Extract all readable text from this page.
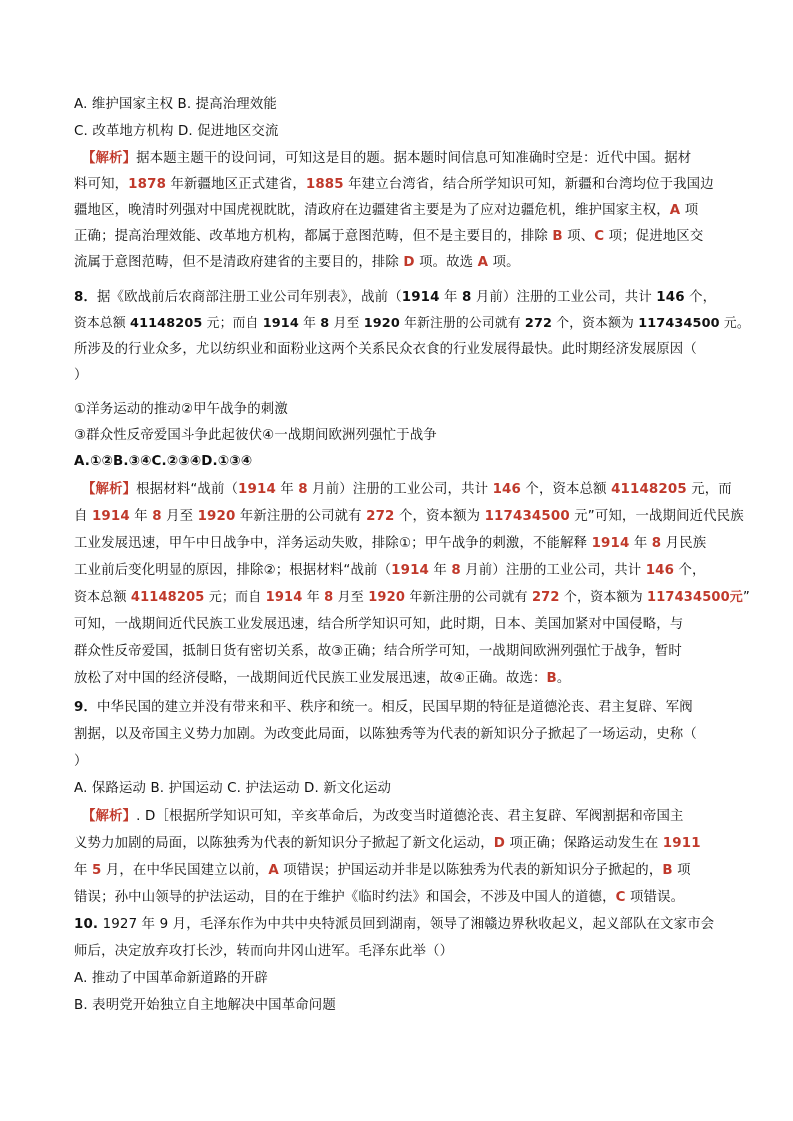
A. 维护国家主权 B. 提高治理效能
C. 改革地方机构 D. 促进地区交流
【解析】据本题主题干的设问词，可知这是目的题。据本题时间信息可知准确时空是：近代中国。据材
料可知，1878 年新疆地区正式建省，1885 年建立台湾省，结合所学知识可知，新疆和台湾均位于我国边
疆地区，晚清时列强对中国虎视眈眈，清政府在边疆建省主要是为了应对边疆危机，维护国家主权，A 项
正确；提高治理效能、改革地方机构，都属于意图范畴，但不是主要目的，排除 B 项、C 项；促进地区交
流属于意图范畴，但不是清政府建省的主要目的，排除 D 项。故选 A 项。
8．据《欧战前后农商部注册工业公司年别表》，战前（1914 年 8 月前）注册的工业公司，共计 146 个，
资本总额 41148205 元；而自 1914 年 8 月至 1920 年新注册的公司就有 272 个，资本额为 117434500 元。
所涉及的行业众多，尤以纺织业和面粉业这两个关系民众衣食的行业发展得最快。此时期经济发展原因（
）
①洋务运动的推动②甲午战争的刺激
③群众性反帝爱国斗争此起彼伏④一战期间欧洲列强忙于战争
A.①②B.③④C.②③④D.①③④
【解析】根据材料“战前（1914 年 8 月前）注册的工业公司，共计 146 个，资本总额 41148205 元，而
自 1914 年 8 月至 1920 年新注册的公司就有 272 个，资本额为 117434500 元”可知，一战期间近代民族
工业发展迅速，甲午中日战争中，洋务运动失败，排除①；甲午战争的刺激，不能解释 1914 年 8 月民族
工业前后变化明显的原因，排除②；根据材料“战前（1914 年 8 月前）注册的工业公司，共计 146 个，
资本总额 41148205 元；而自 1914 年 8 月至 1920 年新注册的公司就有 272 个，资本额为 117434500元”
可知，一战期间近代民族工业发展迅速，结合所学知识可知，此时期，日本、美国加紧对中国侵略，与
群众性反帝爱国，抵制日货有密切关系，故③正确；结合所学可知，一战期间欧洲列强忙于战争，暂时
放松了对中国的经济侵略，一战期间近代民族工业发展迅速，故④正确。故选：B。
9．中华民国的建立并没有带来和平、秩序和统一。相反，民国早期的特征是道德沦丧、君主复辟、军阀
割据，以及帝国主义势力加剧。为改变此局面，以陈独秀等为代表的新知识分子掀起了一场运动，史称（
）
A. 保路运动 B. 护国运动 C. 护法运动 D. 新文化运动
【解析】. D［根据所学知识可知，辛亥革命后，为改变当时道德沦丧、君主复辟、军阀割据和帝国主
义势力加剧的局面，以陈独秀为代表的新知识分子掀起了新文化运动，D 项正确；保路运动发生在 1911
年 5 月，在中华民国建立以前，A 项错误；护国运动并非是以陈独秀为代表的新知识分子掀起的，B 项
错误；孙中山领导的护法运动，目的在于维护《临时约法》和国会，不涉及中国人的道德，C 项错误。
10. 1927 年 9 月，毛泽东作为中共中央特派员回到湖南，领导了湘赣边界秋收起义，起义部队在文家市会
师后，决定放弃攻打长沙，转而向井冈山进军。毛泽东此举（）
A. 推动了中国革命新道路的开辟
B. 表明党开始独立自主地解决中国革命问题
